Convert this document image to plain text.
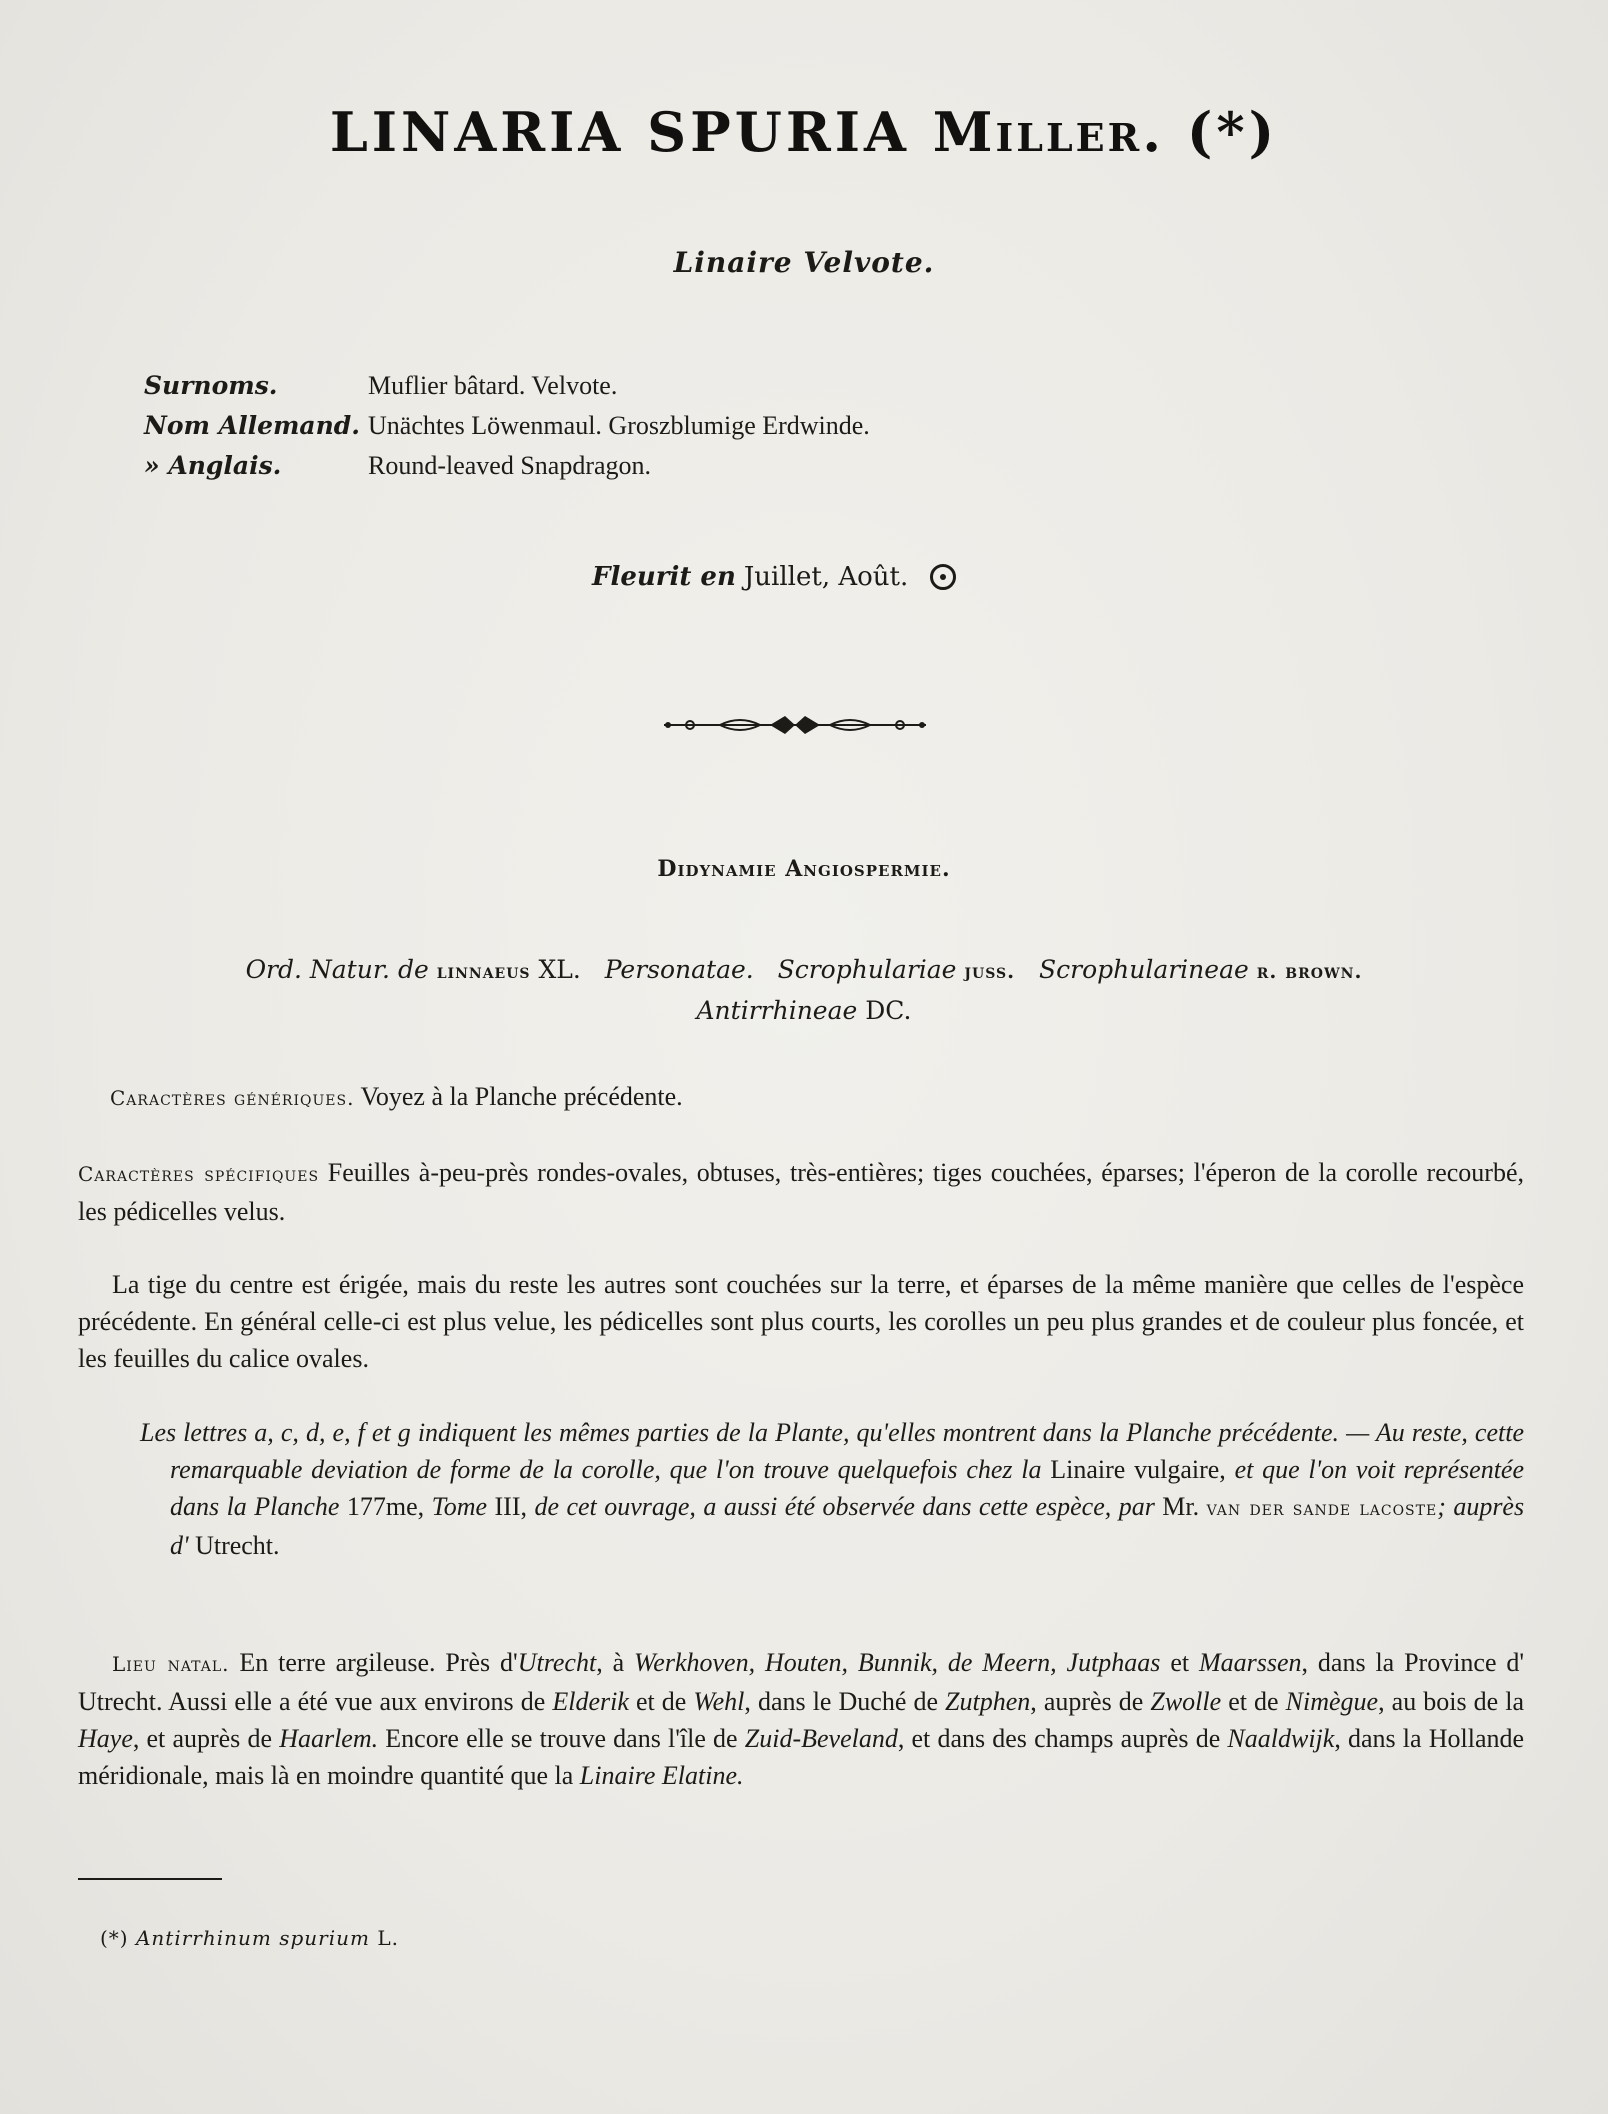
LINARIA SPURIA Miller. (*)
Linaire Velvote.
Surnoms.	Muflier bâtard. Velvote.
Nom Allemand. Unächtes Löwenmaul. Groszblumige Erdwinde.
» Anglais.	Round-leaved Snapdragon.
Fleurit en Juillet, Août.
Didynamie Angiospermie.
Ord. Natur. de linnaeus XL. Personatae. Scrophulariae juss. Scrophularineae r. brown.
Antirrhineae DC.
Caractères génériques. Voyez à la Planche précédente.
Caractères spécifiques Feuilles à-peu-près rondes-ovales, obtuses, très-entières; tiges couchées, éparses; l'éperon de la corolle recourbé, les pédicelles velus.
La tige du centre est érigée, mais du reste les autres sont couchées sur la terre, et éparses de la même manière que celles de l'espèce précédente. En général celle-ci est plus velue, les pédicelles sont plus courts, les corolles un peu plus grandes et de couleur plus foncée, et les feuilles du calice ovales.
Les lettres a, c, d, e, f et g indiquent les mêmes parties de la Plante, qu'elles montrent dans la Planche précédente. — Au reste, cette remarquable deviation de forme de la corolle, que l'on trouve quelquefois chez la Linaire vulgaire, et que l'on voit représentée dans la Planche 177me, Tome III, de cet ouvrage, a aussi été observée dans cette espèce, par Mr. van der sande lacoste; auprès d' Utrecht.
Lieu natal. En terre argileuse. Près d'Utrecht, à Werkhoven, Houten, Bunnik, de Meern, Jutphaas et Maarssen, dans la Province d' Utrecht. Aussi elle a été vue aux environs de Elderik et de Wehl, dans le Duché de Zutphen, auprès de Zwolle et de Nimègue, au bois de la Haye, et auprès de Haarlem. Encore elle se trouve dans l'île de Zuid-Beveland, et dans des champs auprès de Naaldwijk, dans la Hollande méridionale, mais là en moindre quantité que la Linaire Elatine.
(*) Antirrhinum spurium L.
